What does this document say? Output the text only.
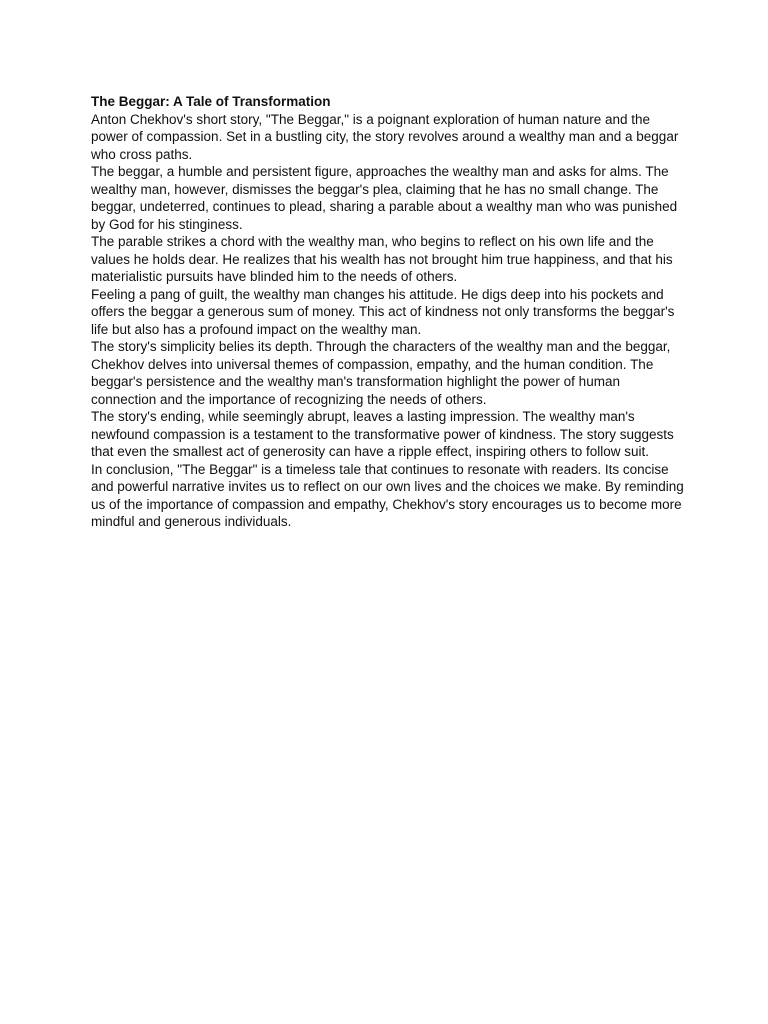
The Beggar: A Tale of Transformation

Anton Chekhov's short story, "The Beggar," is a poignant exploration of human nature and the power of compassion. Set in a bustling city, the story revolves around a wealthy man and a beggar who cross paths.

The beggar, a humble and persistent figure, approaches the wealthy man and asks for alms. The wealthy man, however, dismisses the beggar's plea, claiming that he has no small change. The beggar, undeterred, continues to plead, sharing a parable about a wealthy man who was punished by God for his stinginess.

The parable strikes a chord with the wealthy man, who begins to reflect on his own life and the values he holds dear. He realizes that his wealth has not brought him true happiness, and that his materialistic pursuits have blinded him to the needs of others.

Feeling a pang of guilt, the wealthy man changes his attitude. He digs deep into his pockets and offers the beggar a generous sum of money. This act of kindness not only transforms the beggar's life but also has a profound impact on the wealthy man.

The story's simplicity belies its depth. Through the characters of the wealthy man and the beggar, Chekhov delves into universal themes of compassion, empathy, and the human condition. The beggar's persistence and the wealthy man's transformation highlight the power of human connection and the importance of recognizing the needs of others.

The story's ending, while seemingly abrupt, leaves a lasting impression. The wealthy man's newfound compassion is a testament to the transformative power of kindness. The story suggests that even the smallest act of generosity can have a ripple effect, inspiring others to follow suit.

In conclusion, "The Beggar" is a timeless tale that continues to resonate with readers. Its concise and powerful narrative invites us to reflect on our own lives and the choices we make. By reminding us of the importance of compassion and empathy, Chekhov's story encourages us to become more mindful and generous individuals.
